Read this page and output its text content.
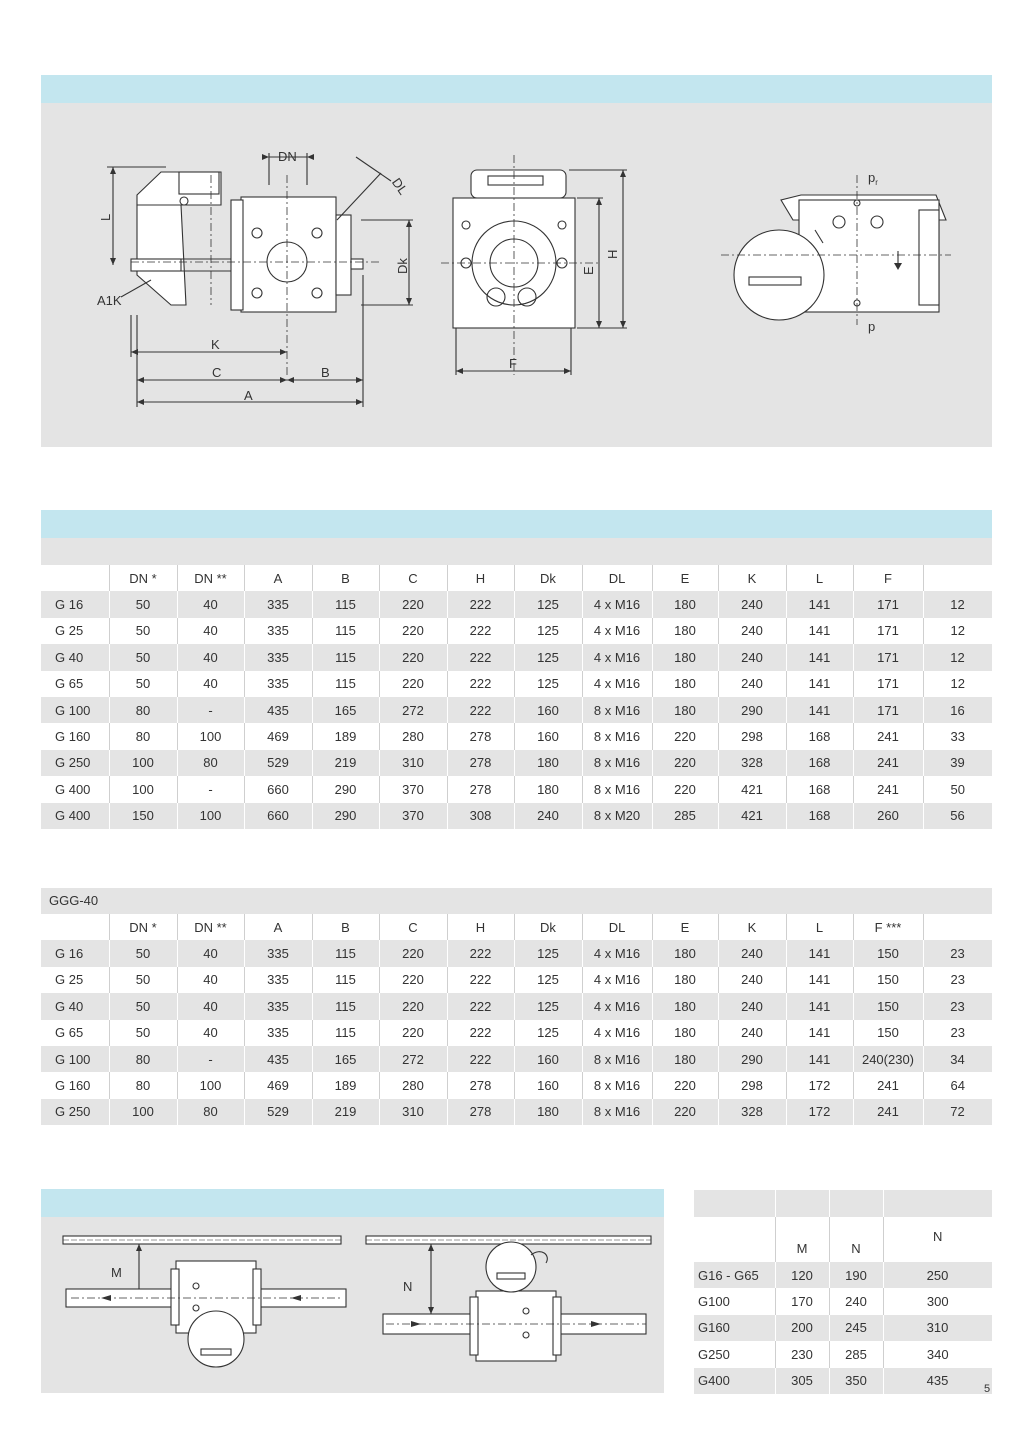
DN
DL
L
Dk
A1K
K
C	B
A
E
H
F
$p_r$
p
	DN *	DN **	A	B	C	H	Dk	DL	E	K	L	F	
G 16	50	40	335	115	220	222	125	4 x M16	180	240	141	171	12
G 25	50	40	335	115	220	222	125	4 x M16	180	240	141	171	12
G 40	50	40	335	115	220	222	125	4 x M16	180	240	141	171	12
G 65	50	40	335	115	220	222	125	4 x M16	180	240	141	171	12
G 100	80	-	435	165	272	222	160	8 x M16	180	290	141	171	16
G 160	80	100	469	189	280	278	160	8 x M16	220	298	168	241	33
G 250	100	80	529	219	310	278	180	8 x M16	220	328	168	241	39
G 400	100	-	660	290	370	278	180	8 x M16	220	421	168	241	50
G 400	150	100	660	290	370	308	240	8 x M20	285	421	168	260	56
GGG-40
	DN *	DN **	A	B	C	H	Dk	DL	E	K	L	F ***	
G 16	50	40	335	115	220	222	125	4 x M16	180	240	141	150	23
G 25	50	40	335	115	220	222	125	4 x M16	180	240	141	150	23
G 40	50	40	335	115	220	222	125	4 x M16	180	240	141	150	23
G 65	50	40	335	115	220	222	125	4 x M16	180	240	141	150	23
G 100	80	-	435	165	272	222	160	8 x M16	180	290	141	240(230)	34
G 160	80	100	469	189	280	278	160	8 x M16	220	298	172	241	64
G 250	100	80	529	219	310	278	180	8 x M16	220	328	172	241	72
M
N

	M	N	N
G16 - G65	120	190	250
G100	170	240	300
G160	200	245	310
G250	230	285	340
G400	305	350	435
5
